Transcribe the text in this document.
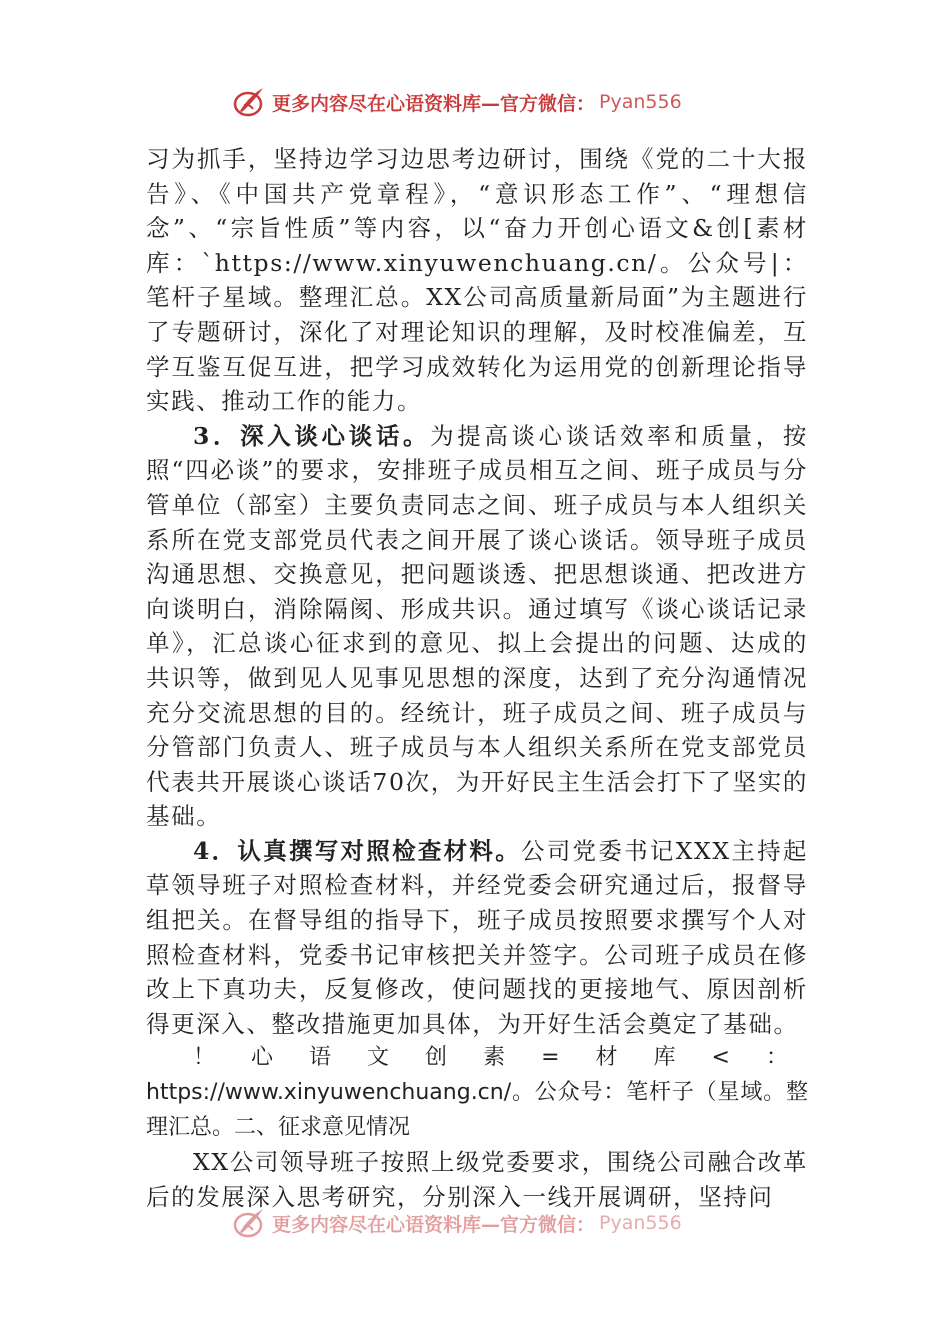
更多内容尽在心语资料库—官方微信： Pyan556

习为抓手，坚持边学习边思考边研讨，围绕《党的二十大报告》、《中国共产党章程》，“意识形态工作”、“理想信念”、“宗旨性质”等内容，以“奋力开创心语文&创[素材库：`https://www.xinyuwenchuang.cn/。公众号|：笔杆子星域。整理汇总。XX公司高质量新局面”为主题进行了专题研讨，深化了对理论知识的理解，及时校准偏差，互学互鉴互促互进，把学习成效转化为运用党的创新理论指导实践、推动工作的能力。

3．深入谈心谈话。为提高谈心谈话效率和质量，按照“四必谈”的要求，安排班子成员相互之间、班子成员与分管单位（部室）主要负责同志之间、班子成员与本人组织关系所在党支部党员代表之间开展了谈心谈话。领导班子成员沟通思想、交换意见，把问题谈透、把思想谈通、把改进方向谈明白，消除隔阂、形成共识。通过填写《谈心谈话记录单》，汇总谈心征求到的意见、拟上会提出的问题、达成的共识等，做到见人见事见思想的深度，达到了充分沟通情况充分交流思想的目的。经统计，班子成员之间、班子成员与分管部门负责人、班子成员与本人组织关系所在党支部党员代表共开展谈心谈话70次，为开好民主生活会打下了坚实的基础。

4．认真撰写对照检查材料。公司党委书记XXX主持起草领导班子对照检查材料，并经党委会研究通过后，报督导组把关。在督导组的指导下，班子成员按照要求撰写个人对照检查材料，党委书记审核把关并签字。公司班子成员在修改上下真功夫，反复修改，使问题找的更接地气、原因剖析得更深入、整改措施更加具体，为开好生活会奠定了基础。

！心语文创素=材库<：https://www.xinyuwenchuang.cn/。公众号：笔杆子（星域。整理汇总。二、征求意见情况

XX公司领导班子按照上级党委要求，围绕公司融合改革后的发展深入思考研究，分别深入一线开展调研，坚持问

更多内容尽在心语资料库—官方微信： Pyan556
